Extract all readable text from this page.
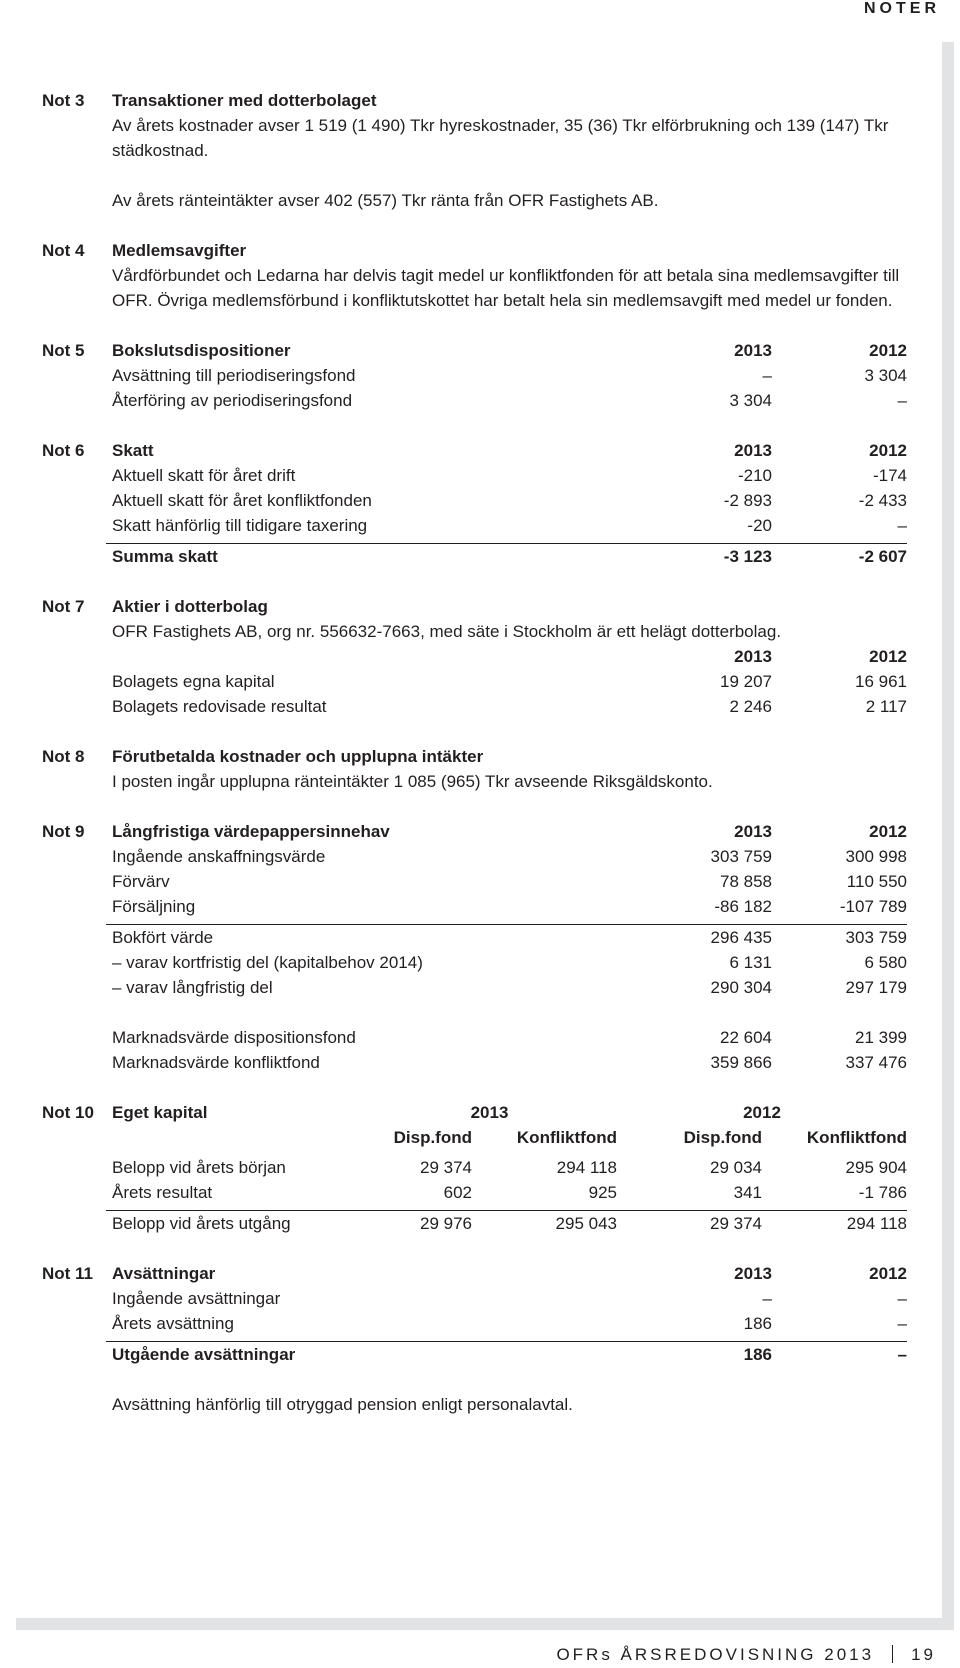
NOTER
Not 3 Transaktioner med dotterbolaget

Av årets kostnader avser 1 519 (1 490) Tkr hyreskostnader, 35 (36) Tkr elförbrukning och 139 (147) Tkr städkostnad.

Av årets ränteintäkter avser 402 (557) Tkr ränta från OFR Fastighets AB.

Not 4 Medlemsavgifter

Vårdförbundet och Ledarna har delvis tagit medel ur konfliktfonden för att betala sina medlemsavgifter till OFR. Övriga medlemsförbund i konfliktutskottet har betalt hela sin medlemsavgift med medel ur fonden.

Not 5 Bokslutsdispositioner	2013	2012
Avsättning till periodiseringsfond	–	3 304
Återföring av periodiseringsfond	3 304	–
Not 6 Skatt	2013	2012
Aktuell skatt för året drift	-210	-174
Aktuell skatt för året konfliktfonden	-2 893	-2 433
Skatt hänförlig till tidigare taxering	-20	–
Summa skatt	-3 123	-2 607
Not 7 Aktier i dotterbolag

OFR Fastighets AB, org nr. 556632-7663, med säte i Stockholm är ett helägt dotterbolag.

2013	2012
Bolagets egna kapital	19 207	16 961
Bolagets redovisade resultat	2 246	2 117
Not 8 Förutbetalda kostnader och upplupna intäkter

I posten ingår upplupna ränteintäkter 1 085 (965) Tkr avseende Riksgäldskonto.

Not 9 Långfristiga värdepappersinnehav	2013	2012
Ingående anskaffningsvärde	303 759	300 998
Förvärv	78 858	110 550
Försäljning	-86 182	-107 789
Bokfört värde	296 435	303 759
– varav kortfristig del (kapitalbehov 2014)	6 131	6 580
– varav långfristig del	290 304	297 179
Marknadsvärde dispositionsfond	22 604	21 399
Marknadsvärde konfliktfond	359 866	337 476
Not 10 Eget kapital	2013	2012
Disp.fond	Konfliktfond	Disp.fond	Konfliktfond
Belopp vid årets början	29 374	294 118	29 034	295 904
Årets resultat	602	925	341	-1 786
Belopp vid årets utgång	29 976	295 043	29 374	294 118
Not 11 Avsättningar	2013	2012
Ingående avsättningar	–	–
Årets avsättning	186	–
Utgående avsättningar	186	–

Avsättning hänförlig till otryggad pension enligt personalavtal.

OFRs ÅRSREDOVISNING 2013 19
